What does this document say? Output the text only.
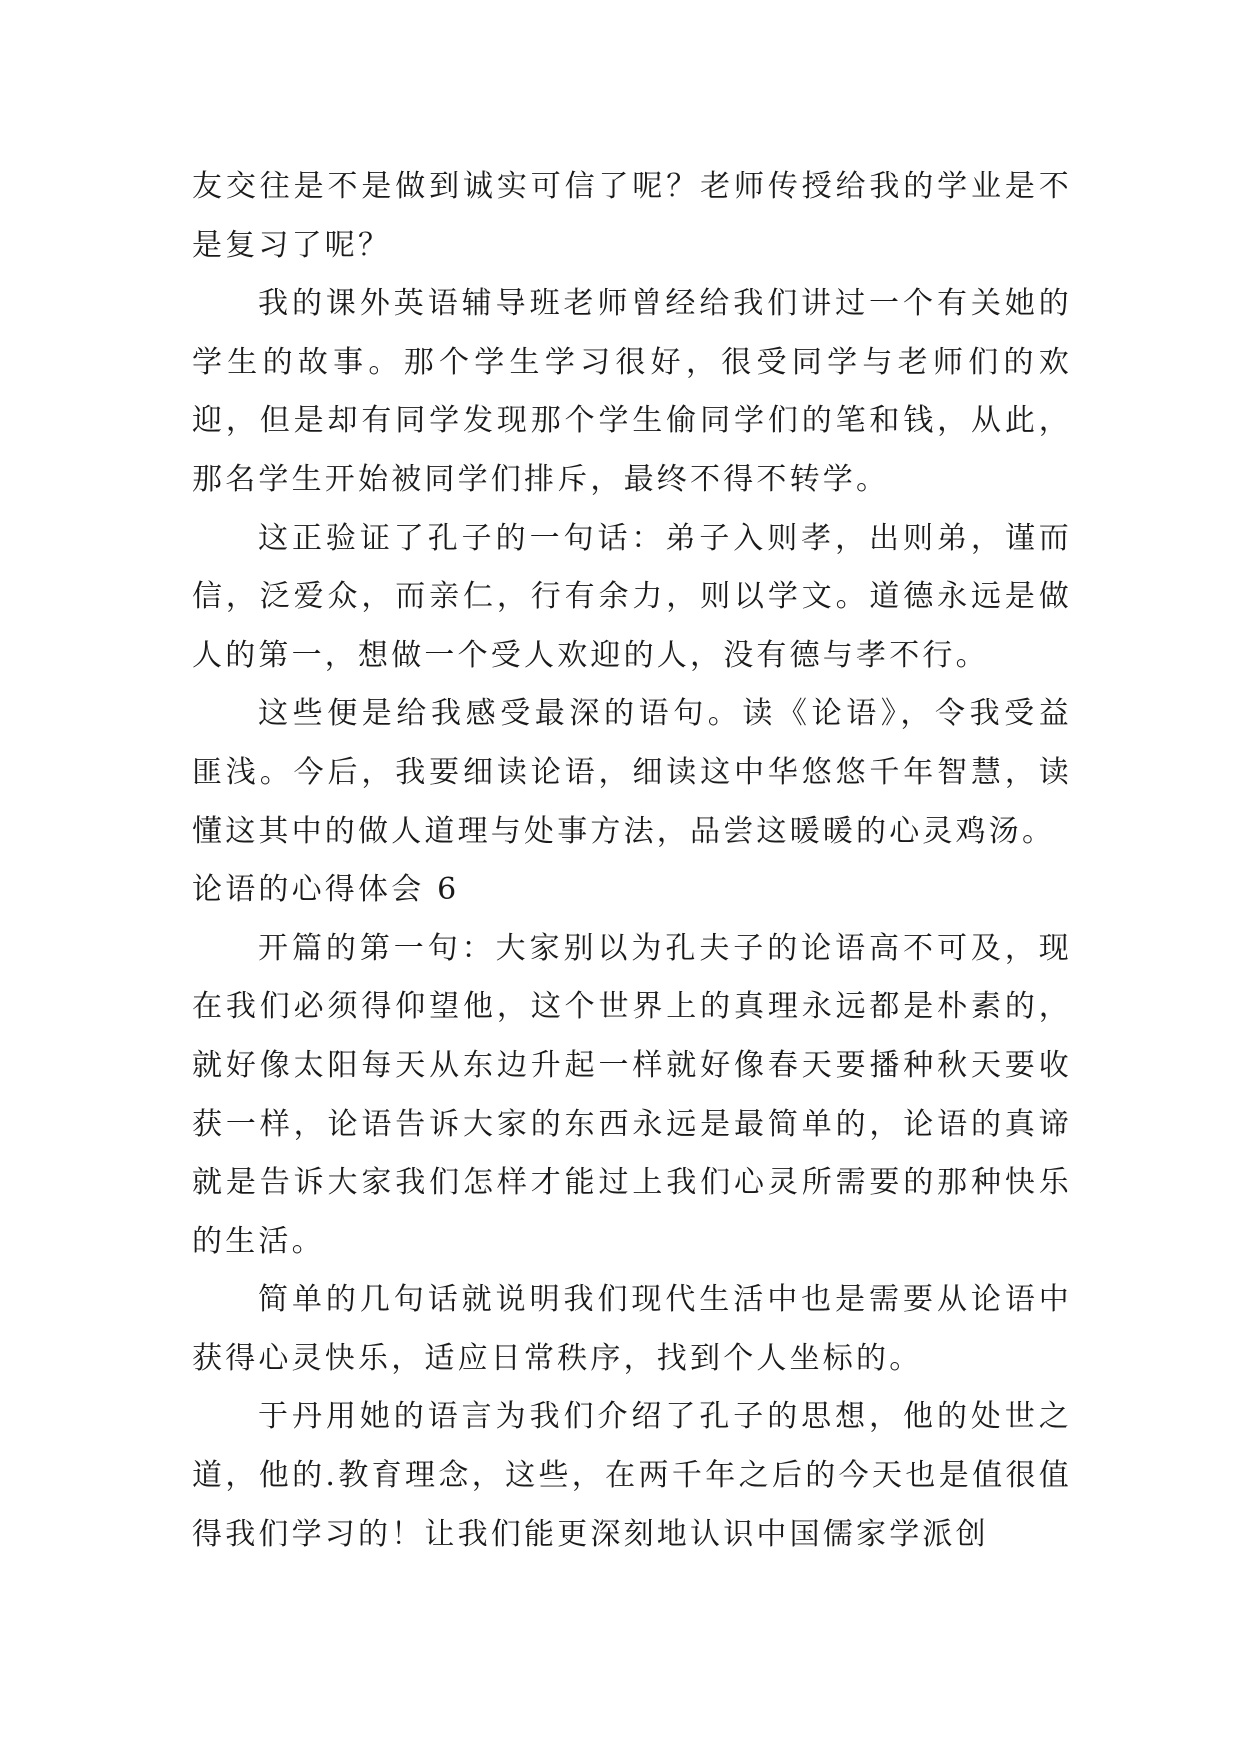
友交往是不是做到诚实可信了呢？老师传授给我的学业是不是复习了呢？

我的课外英语辅导班老师曾经给我们讲过一个有关她的学生的故事。那个学生学习很好，很受同学与老师们的欢迎，但是却有同学发现那个学生偷同学们的笔和钱，从此，那名学生开始被同学们排斥，最终不得不转学。

这正验证了孔子的一句话：弟子入则孝，出则弟，谨而信，泛爱众，而亲仁，行有余力，则以学文。道德永远是做人的第一，想做一个受人欢迎的人，没有德与孝不行。

这些便是给我感受最深的语句。读《论语》，令我受益匪浅。今后，我要细读论语，细读这中华悠悠千年智慧，读懂这其中的做人道理与处事方法，品尝这暖暖的心灵鸡汤。

论语的心得体会 6

开篇的第一句：大家别以为孔夫子的论语高不可及，现在我们必须得仰望他，这个世界上的真理永远都是朴素的，就好像太阳每天从东边升起一样就好像春天要播种秋天要收获一样，论语告诉大家的东西永远是最简单的，论语的真谛就是告诉大家我们怎样才能过上我们心灵所需要的那种快乐的生活。

简单的几句话就说明我们现代生活中也是需要从论语中获得心灵快乐，适应日常秩序，找到个人坐标的。

于丹用她的语言为我们介绍了孔子的思想，他的处世之道，他的.教育理念，这些，在两千年之后的今天也是值很值得我们学习的！让我们能更深刻地认识中国儒家学派创
